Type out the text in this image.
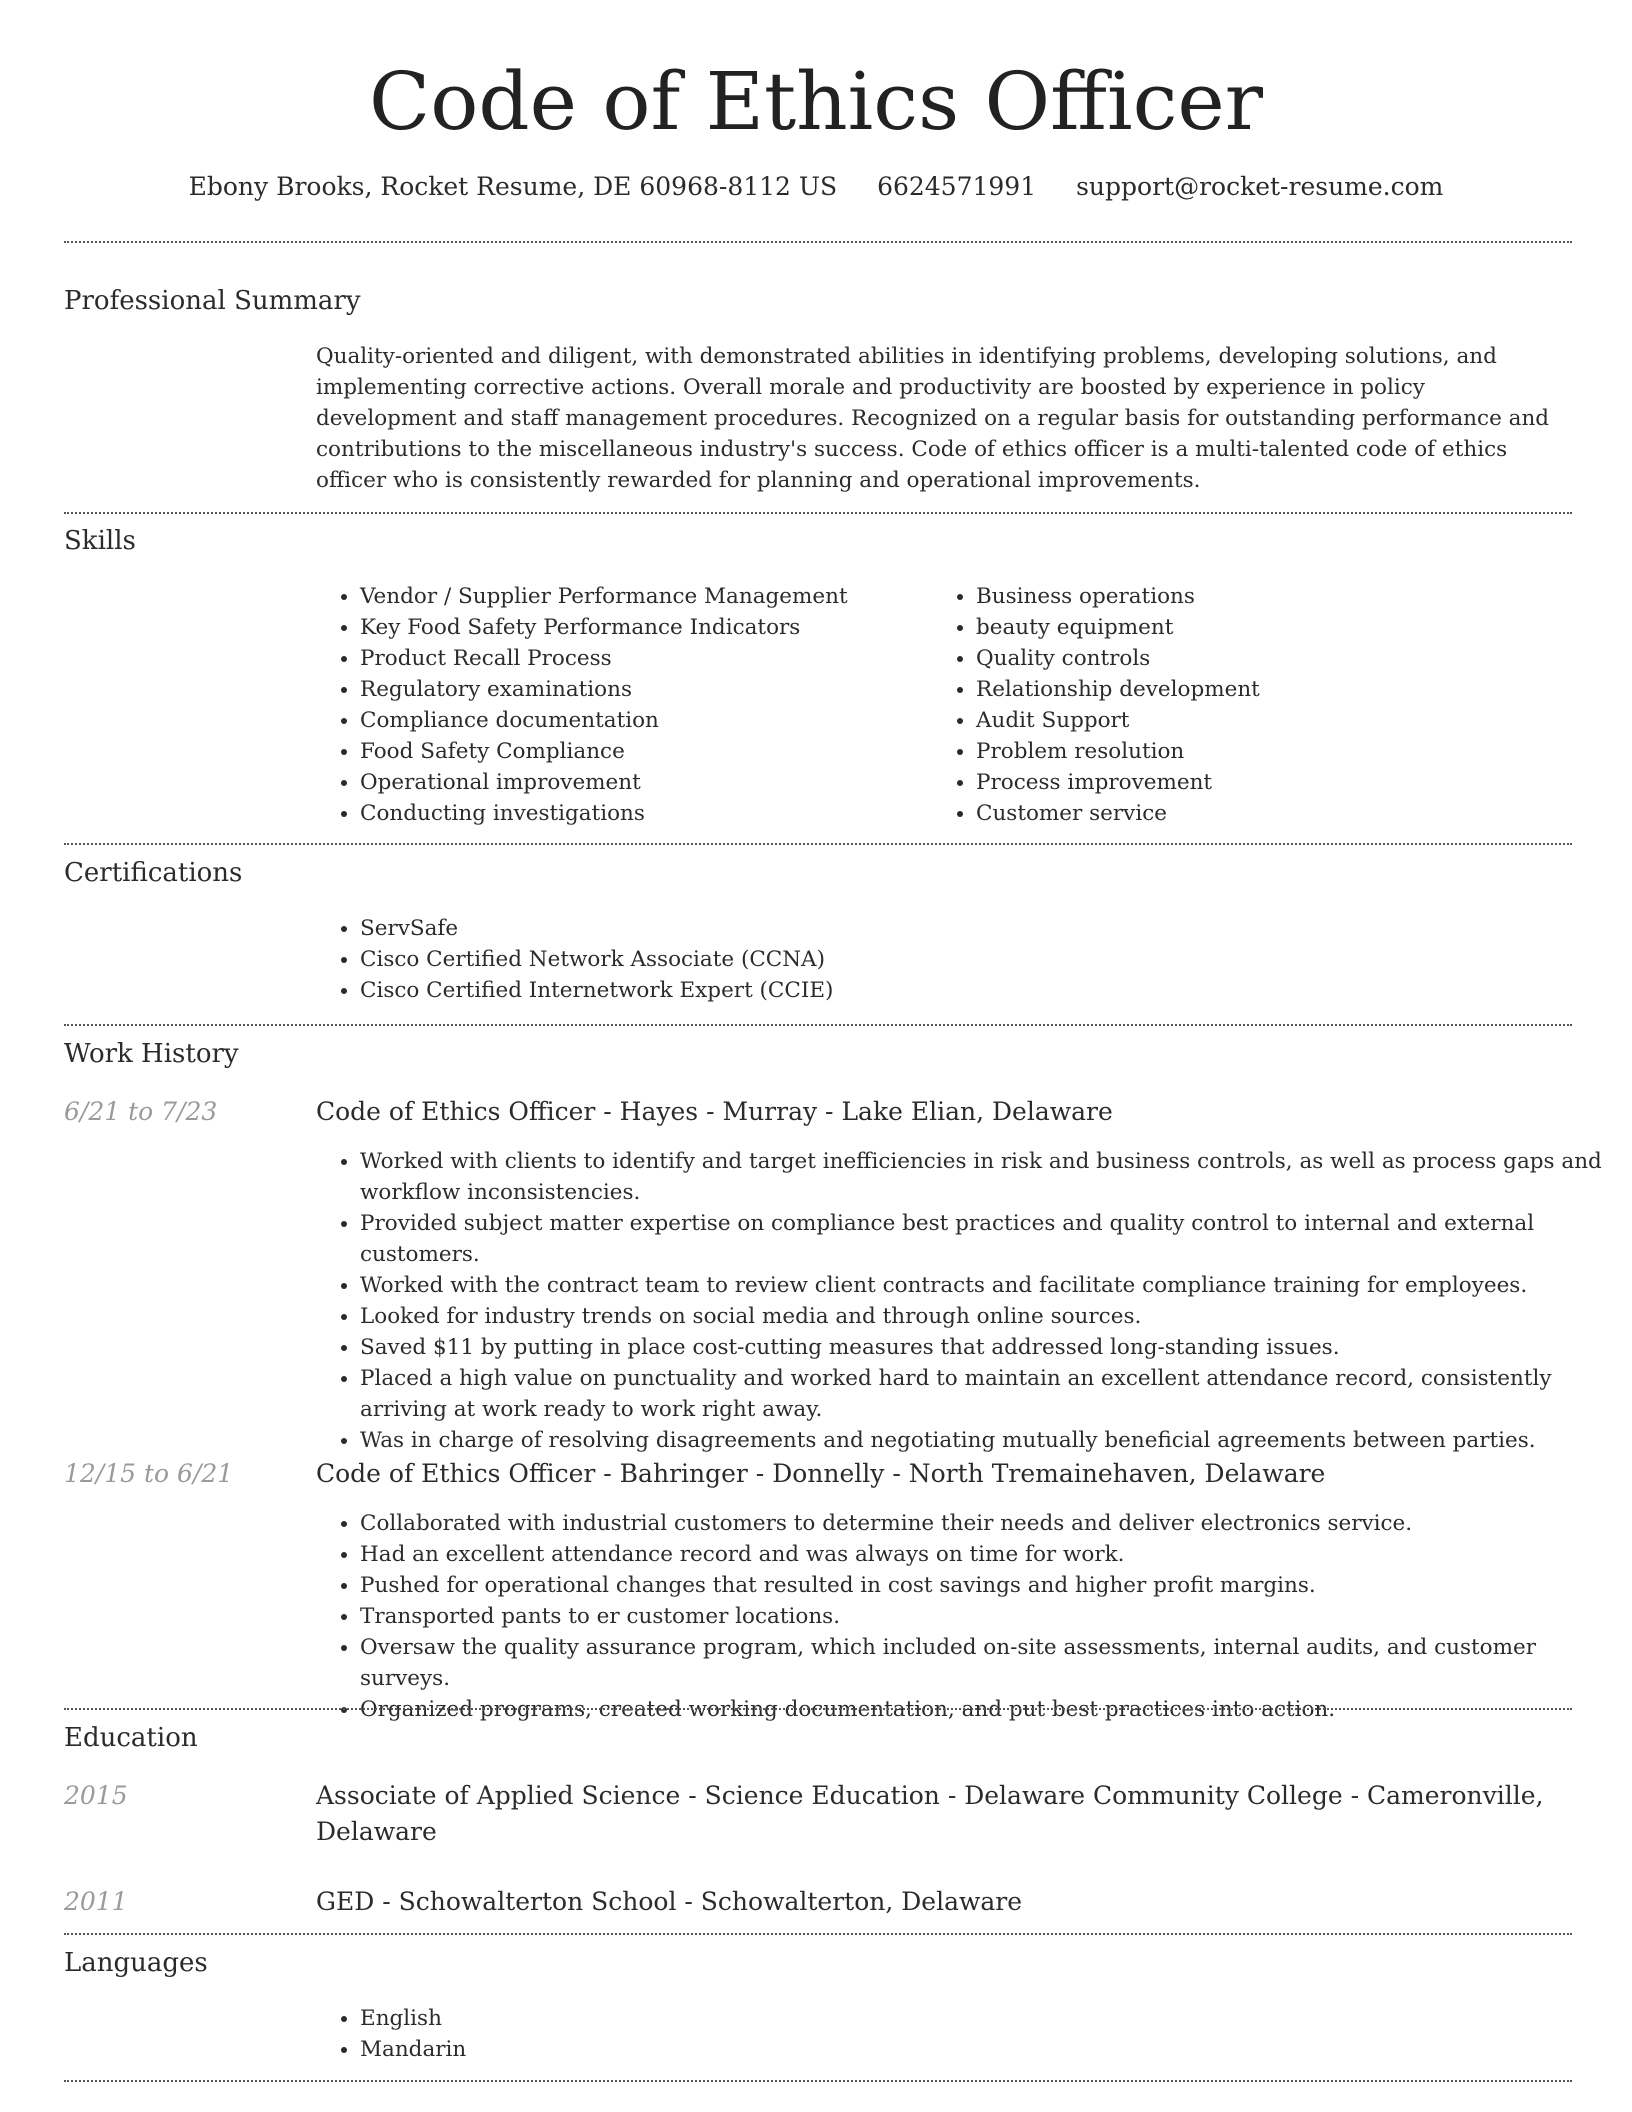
Code of Ethics Officer
Ebony Brooks, Rocket Resume, DE 60968-8112 US 6624571991 support@rocket-resume.com
Professional Summary

Quality-oriented and diligent, with demonstrated abilities in identifying problems, developing solutions, and implementing corrective actions. Overall morale and productivity are boosted by experience in policy development and staff management procedures. Recognized on a regular basis for outstanding performance and contributions to the miscellaneous industry's success. Code of ethics officer is a multi-talented code of ethics officer who is consistently rewarded for planning and operational improvements.

Skills
• Vendor / Supplier Performance Management
• Key Food Safety Performance Indicators
• Product Recall Process
• Regulatory examinations
• Compliance documentation
• Food Safety Compliance
• Operational improvement
• Conducting investigations
• Business operations
• beauty equipment
• Quality controls
• Relationship development
• Audit Support
• Problem resolution
• Process improvement
• Customer service
Certifications
• ServSafe
• Cisco Certified Network Associate (CCNA)
• Cisco Certified Internetwork Expert (CCIE)
Work History
6/21 to 7/23	Code of Ethics Officer - Hayes - Murray - Lake Elian, Delaware
• Worked with clients to identify and target inefficiencies in risk and business controls, as well as process gaps and workflow inconsistencies.
• Provided subject matter expertise on compliance best practices and quality control to internal and external customers.
• Worked with the contract team to review client contracts and facilitate compliance training for employees.
• Looked for industry trends on social media and through online sources.
• Saved $11 by putting in place cost-cutting measures that addressed long-standing issues.
• Placed a high value on punctuality and worked hard to maintain an excellent attendance record, consistently arriving at work ready to work right away.
• Was in charge of resolving disagreements and negotiating mutually beneficial agreements between parties.
12/15 to 6/21	Code of Ethics Officer - Bahringer - Donnelly - North Tremainehaven, Delaware
• Collaborated with industrial customers to determine their needs and deliver electronics service.
• Had an excellent attendance record and was always on time for work.
• Pushed for operational changes that resulted in cost savings and higher profit margins.
• Transported pants to er customer locations.
• Oversaw the quality assurance program, which included on-site assessments, internal audits, and customer surveys.
• Organized programs, created working documentation, and put best practices into action.
Education
2015	Associate of Applied Science - Science Education - Delaware Community College - Cameronville, Delaware
2011	GED - Schowalterton School - Schowalterton, Delaware
Languages
• English
• Mandarin
